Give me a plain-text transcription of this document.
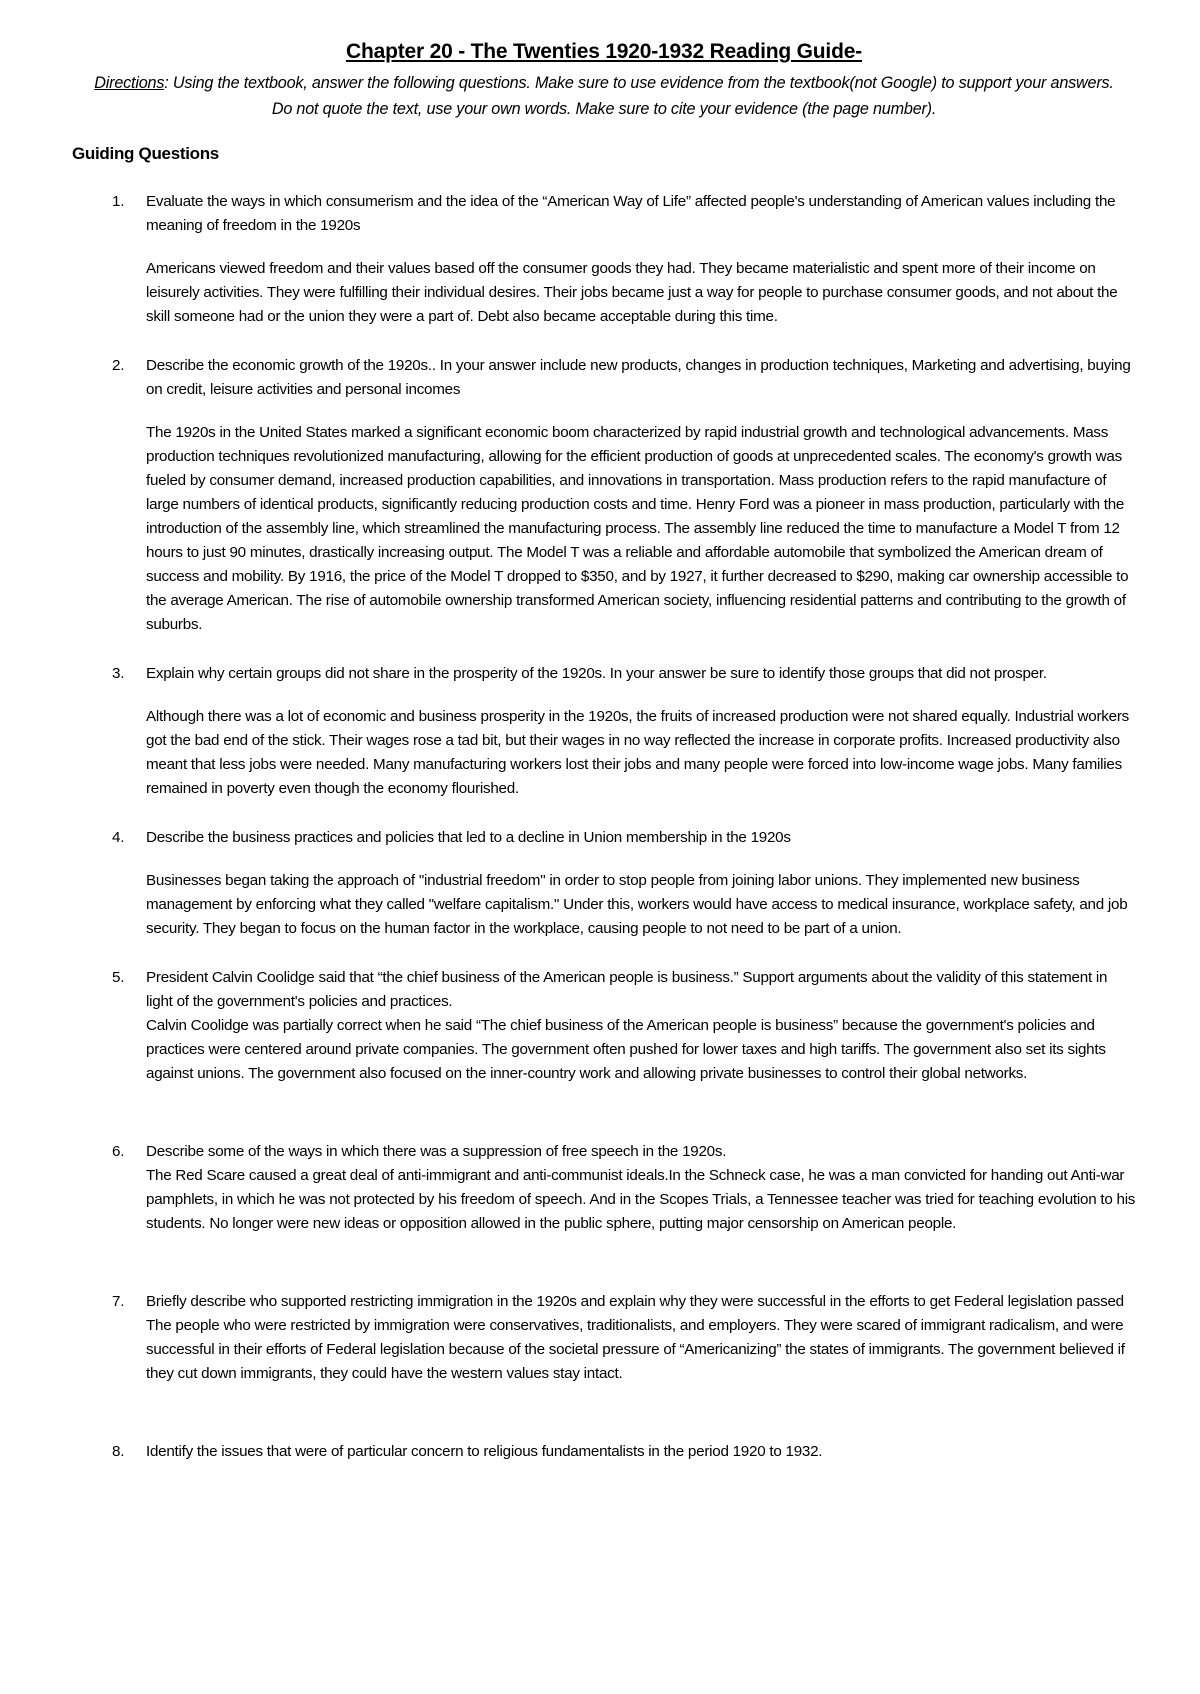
Chapter 20 - The Twenties 1920-1932 Reading Guide-

Directions: Using the textbook, answer the following questions. Make sure to use evidence from the textbook(not Google) to support your answers. Do not quote the text, use your own words. Make sure to cite your evidence (the page number).

Guiding Questions
1. Evaluate the ways in which consumerism and the idea of the “American Way of Life” affected people's understanding of American values including the meaning of freedom in the 1920s

Americans viewed freedom and their values based off the consumer goods they had. They became materialistic and spent more of their income on leisurely activities. They were fulfilling their individual desires. Their jobs became just a way for people to purchase consumer goods, and not about the skill someone had or the union they were a part of. Debt also became acceptable during this time.

2. Describe the economic growth of the 1920s.. In your answer include new products, changes in production techniques, Marketing and advertising, buying on credit, leisure activities and personal incomes

The 1920s in the United States marked a significant economic boom characterized by rapid industrial growth and technological advancements. Mass production techniques revolutionized manufacturing, allowing for the efficient production of goods at unprecedented scales. The economy's growth was fueled by consumer demand, increased production capabilities, and innovations in transportation. Mass production refers to the rapid manufacture of large numbers of identical products, significantly reducing production costs and time. Henry Ford was a pioneer in mass production, particularly with the introduction of the assembly line, which streamlined the manufacturing process. The assembly line reduced the time to manufacture a Model T from 12 hours to just 90 minutes, drastically increasing output. The Model T was a reliable and affordable automobile that symbolized the American dream of success and mobility. By 1916, the price of the Model T dropped to $350, and by 1927, it further decreased to $290, making car ownership accessible to the average American. The rise of automobile ownership transformed American society, influencing residential patterns and contributing to the growth of suburbs.

3. Explain why certain groups did not share in the prosperity of the 1920s. In your answer be sure to identify those groups that did not prosper.

Although there was a lot of economic and business prosperity in the 1920s, the fruits of increased production were not shared equally. Industrial workers got the bad end of the stick. Their wages rose a tad bit, but their wages in no way reflected the increase in corporate profits. Increased productivity also meant that less jobs were needed. Many manufacturing workers lost their jobs and many people were forced into low-income wage jobs. Many families remained in poverty even though the economy flourished.

4. Describe the business practices and policies that led to a decline in Union membership in the 1920s

Businesses began taking the approach of "industrial freedom" in order to stop people from joining labor unions. They implemented new business management by enforcing what they called "welfare capitalism." Under this, workers would have access to medical insurance, workplace safety, and job security. They began to focus on the human factor in the workplace, causing people to not need to be part of a union.

5. President Calvin Coolidge said that “the chief business of the American people is business.” Support arguments about the validity of this statement in light of the government's policies and practices.

Calvin Coolidge was partially correct when he said “The chief business of the American people is business” because the government's policies and practices were centered around private companies. The government often pushed for lower taxes and high tariffs. The government also set its sights against unions. The government also focused on the inner-country work and allowing private businesses to control their global networks.

6. Describe some of the ways in which there was a suppression of free speech in the 1920s.

The Red Scare caused a great deal of anti-immigrant and anti-communist ideals.In the Schneck case, he was a man convicted for handing out Anti-war pamphlets, in which he was not protected by his freedom of speech. And in the Scopes Trials, a Tennessee teacher was tried for teaching evolution to his students. No longer were new ideas or opposition allowed in the public sphere, putting major censorship on American people.

7. Briefly describe who supported restricting immigration in the 1920s and explain why they were successful in the efforts to get Federal legislation passed

The people who were restricted by immigration were conservatives, traditionalists, and employers. They were scared of immigrant radicalism, and were successful in their efforts of Federal legislation because of the societal pressure of “Americanizing” the states of immigrants. The government believed if they cut down immigrants, they could have the western values stay intact.

8. Identify the issues that were of particular concern to religious fundamentalists in the period 1920 to 1932.
